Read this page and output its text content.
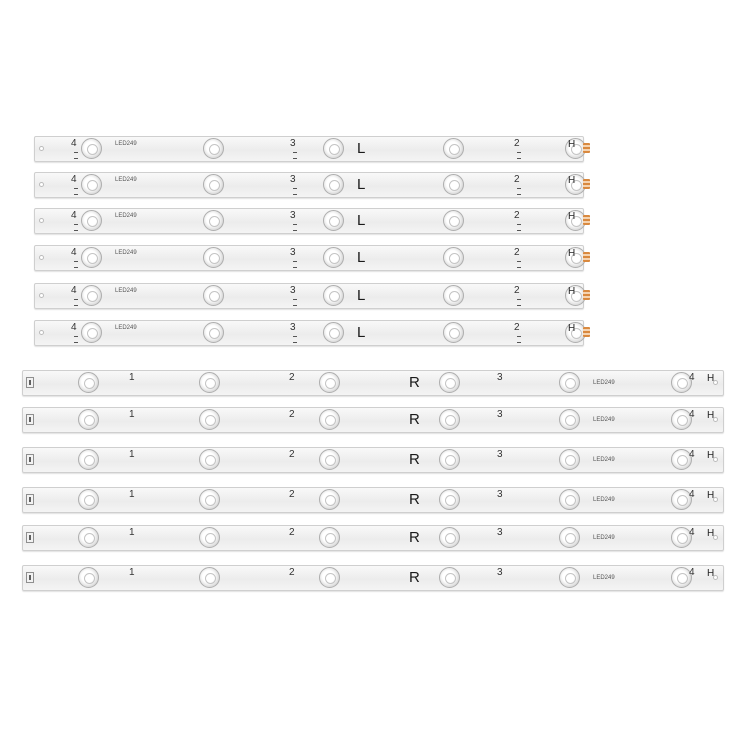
4	3	2
L	H
LED249
4	3	2
L	H
LED249
4	3	2
L	H
LED249
4	3	2
L	H
LED249
4	3	2
L	H
LED249
4	3	2
L	H
LED249
1	2	3	4
R	H
LED249
1	2	3	4
R	H
LED249
1	2	3	4
R	H
LED249
1	2	3	4
R	H
LED249
1	2	3	4
R	H
LED249
1	2	3	4
R	H
LED249
